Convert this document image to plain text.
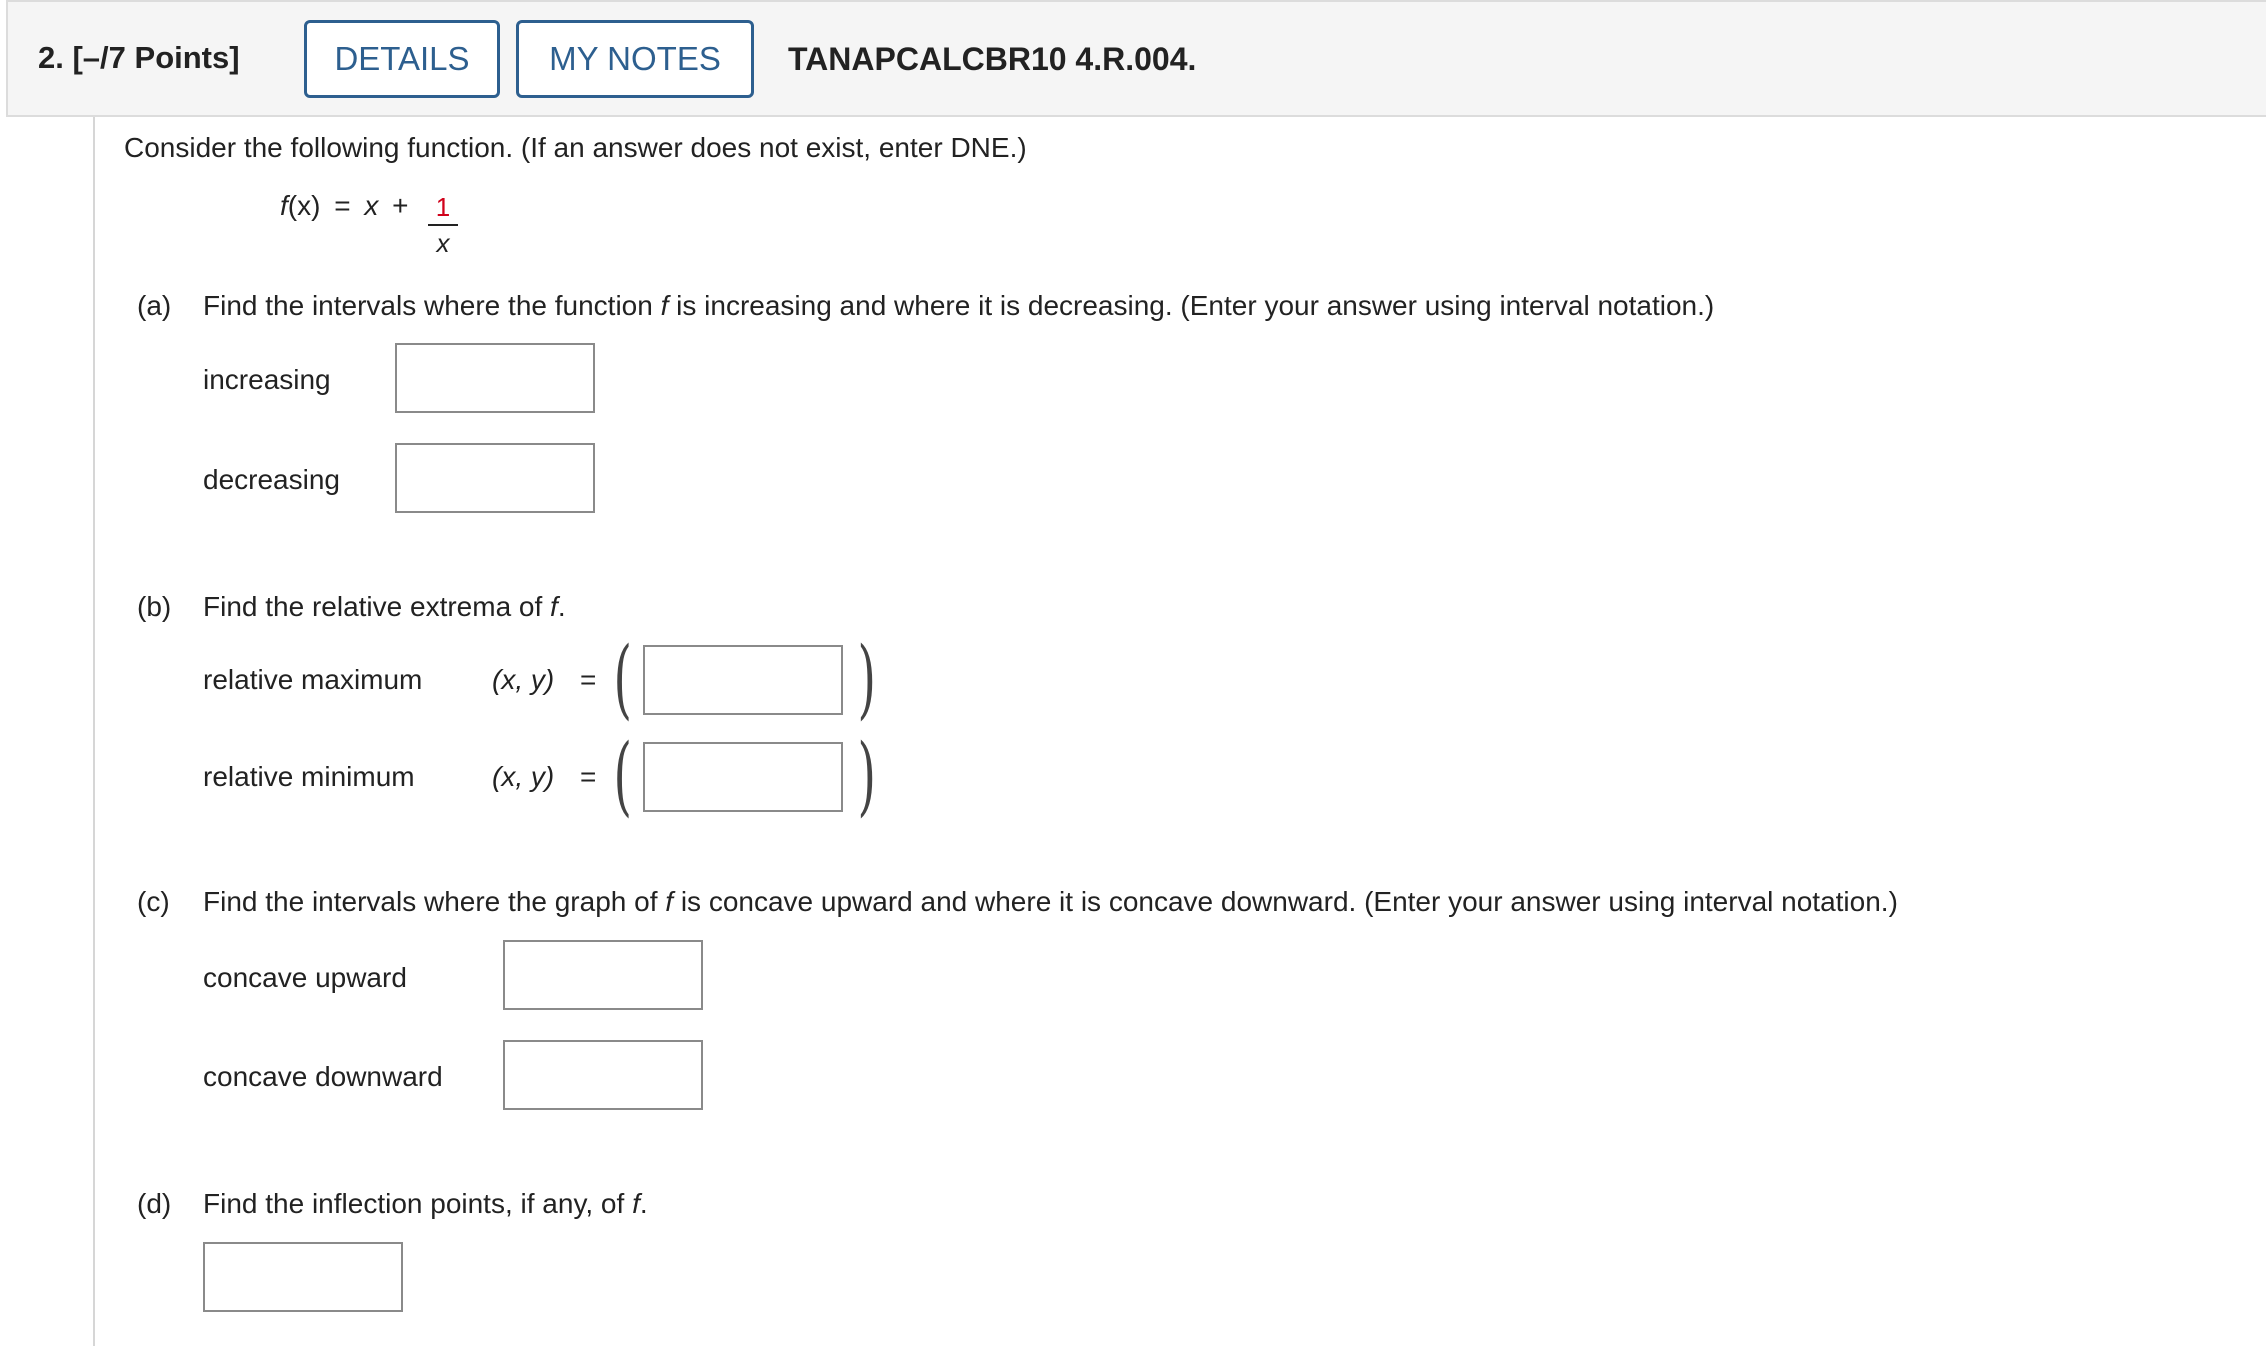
2. [–/7 Points]	DETAILS	MY NOTES	TANAPCALCBR10 4.R.004.
Consider the following function. (If an answer does not exist, enter DNE.)
f(x) = x + 1
x
(a) Find the intervals where the function f is increasing and where it is decreasing. (Enter your answer using interval notation.)
increasing
decreasing
(b) Find the relative extrema of f.
relative maximum (x, y) = (	)
relative minimum	(x, y) = (	)
(c) Find the intervals where the graph of f is concave upward and where it is concave downward. (Enter your answer using interval notation.)
concave upward
concave downward
(d) Find the inflection points, if any, of f.
